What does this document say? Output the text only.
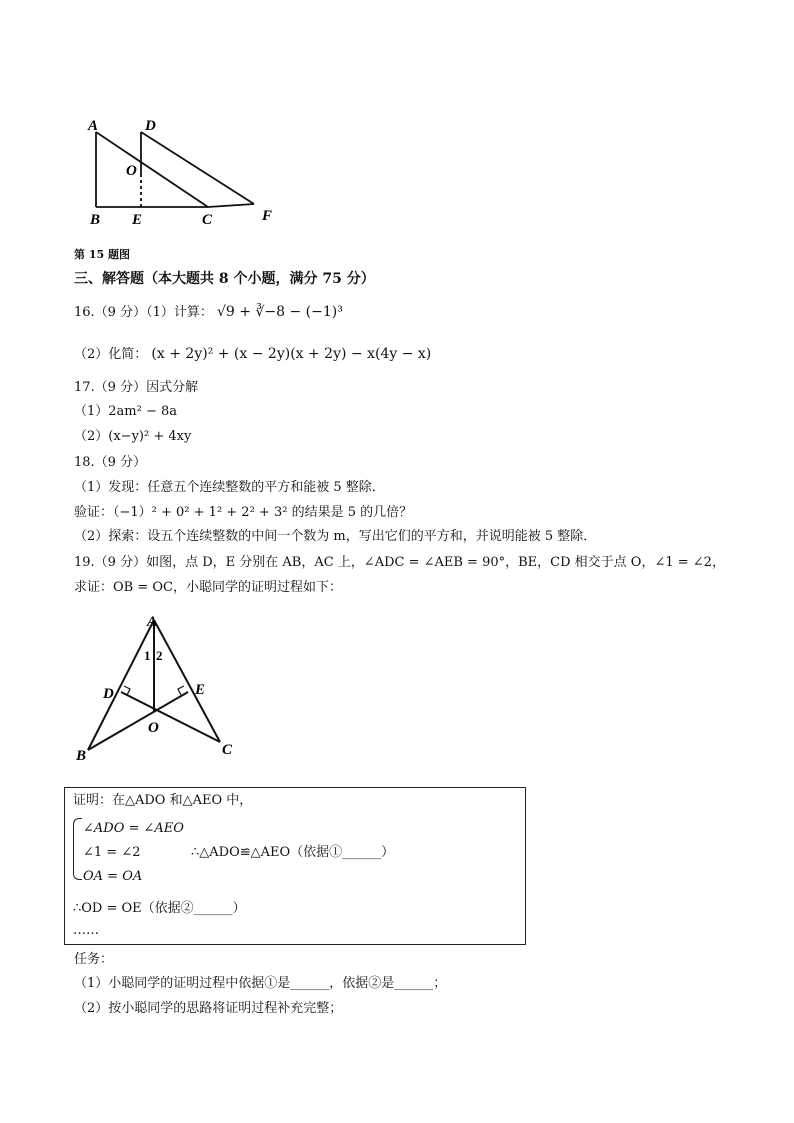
A	D
O
B E	C	F
第 15 题图
三、解答题（本大题共 8 个小题，满分 75 分）
16.（9 分）（1）计算： √9 + ∛−8 − (−1)³
（2）化简： (x + 2y)² + (x − 2y)(x + 2y) − x(4y − x)
17.（9 分）因式分解
（1）2am² − 8a
（2）(x−y)² + 4xy
18.（9 分）
（1）发现：任意五个连续整数的平方和能被 5 整除．
验证：（−1）² + 0² + 1² + 2² + 3² 的结果是 5 的几倍？
（2）探索：设五个连续整数的中间一个数为 m，写出它们的平方和，并说明能被 5 整除．
19.（9 分）如图，点 D，E 分别在 AB，AC 上，∠ADC = ∠AEB = 90°，BE，CD 相交于点 O，∠1 = ∠2，
求证：OB = OC，小聪同学的证明过程如下：
A
1 2
D	E
O
B	C
证明：在△ADO 和△AEO 中，
∠ADO = ∠AEO
∠1 = ∠2
OA = OA
∴△ADO≌△AEO（依据①______）
∴OD = OE（依据②______）
……
任务：
（1）小聪同学的证明过程中依据①是______，依据②是______；
（2）按小聪同学的思路将证明过程补充完整；
